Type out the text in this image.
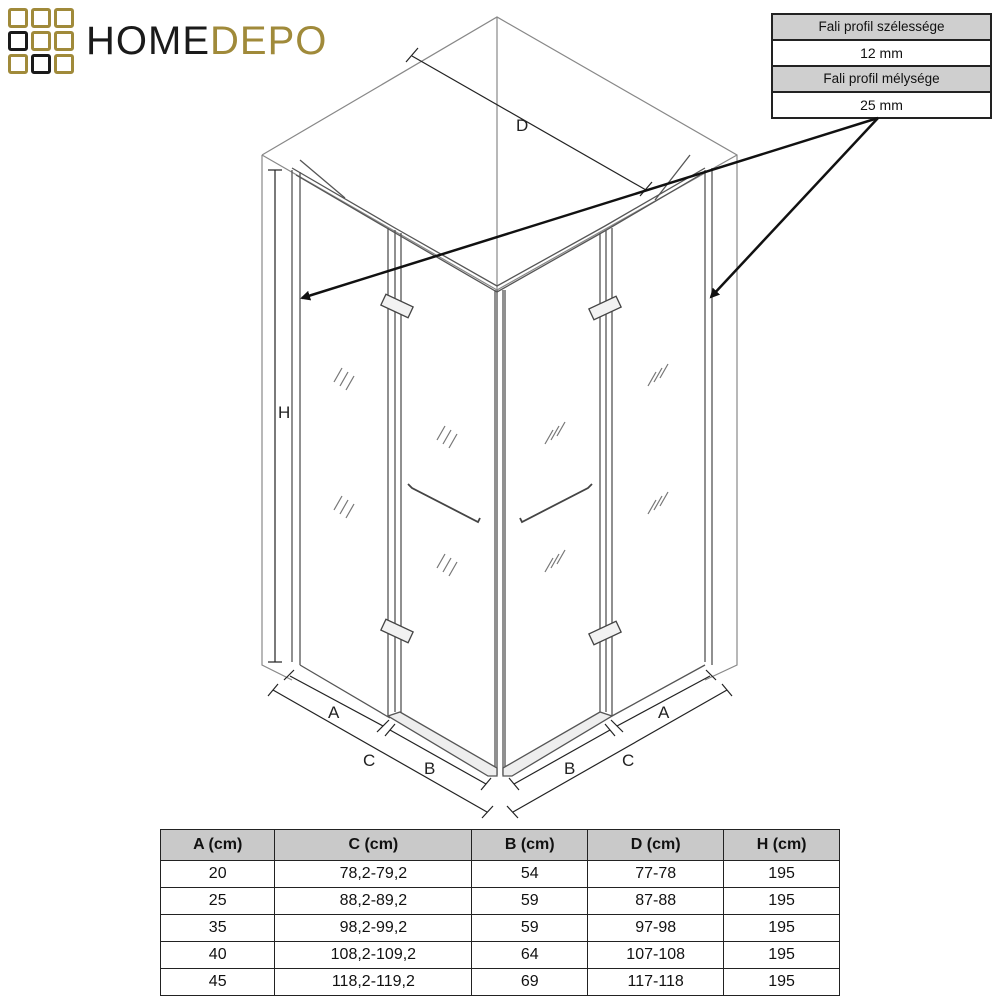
HOMEDEPO	Fali profil szélessége
12 mm
Fali profil mélysége
25 mm
D
H
A
C	B
A
C
B
A (cm)	C (cm)	B (cm)	D (cm)	H (cm)
20	78,2-79,2	54	77-78	195
25	88,2-89,2	59	87-88	195
35	98,2-99,2	59	97-98	195
40	108,2-109,2	64	107-108	195
45	118,2-119,2	69	117-118	195
